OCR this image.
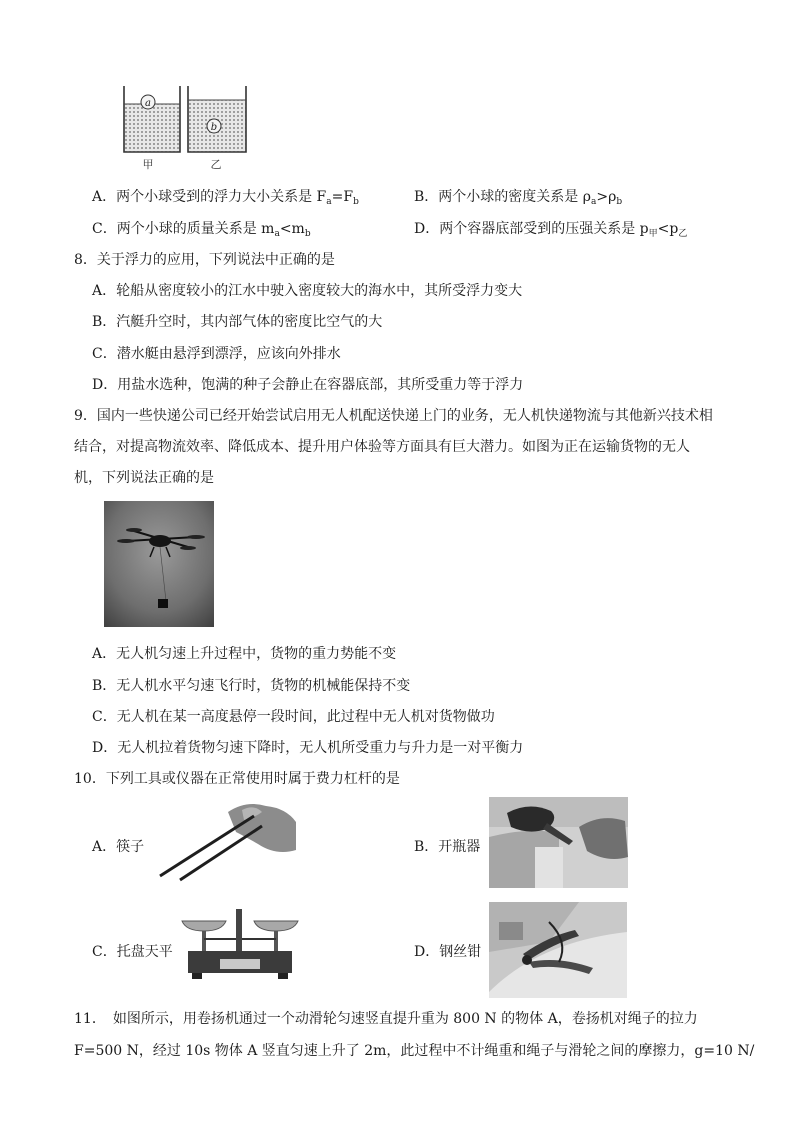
a
b
甲	乙
A．两个小球受到的浮力大小关系是 $F_a=F_b$	B．两个小球的密度关系是 $\rho_a>\rho_b$
C．两个小球的质量关系是 $m_a<m_b$	D．两个容器底部受到的压强关系是 $p_甲<p_乙$
8．关于浮力的应用，下列说法中正确的是
A．轮船从密度较小的江水中驶入密度较大的海水中，其所受浮力变大
B．汽艇升空时，其内部气体的密度比空气的大
C．潜水艇由悬浮到漂浮，应该向外排水
D．用盐水选种，饱满的种子会静止在容器底部，其所受重力等于浮力
9．国内一些快递公司已经开始尝试启用无人机配送快递上门的业务，无人机快递物流与其他新兴技术相
结合，对提高物流效率、降低成本、提升用户体验等方面具有巨大潜力。如图为正在运输货物的无人
机，下列说法正确的是
A．无人机匀速上升过程中，货物的重力势能不变
B．无人机水平匀速飞行时，货物的机械能保持不变
C．无人机在某一高度悬停一段时间，此过程中无人机对货物做功
D．无人机拉着货物匀速下降时，无人机所受重力与升力是一对平衡力
10．下列工具或仪器在正常使用时属于费力杠杆的是
A．筷子	B．开瓶器
C．托盘天平	D．钢丝钳
11．　如图所示，用卷扬机通过一个动滑轮匀速竖直提升重为 800 N 的物体 A，卷扬机对绳子的拉力
F=500 N，经过 10s 物体 A 竖直匀速上升了 2m，此过程中不计绳重和绳子与滑轮之间的摩擦力，g=10 N/
